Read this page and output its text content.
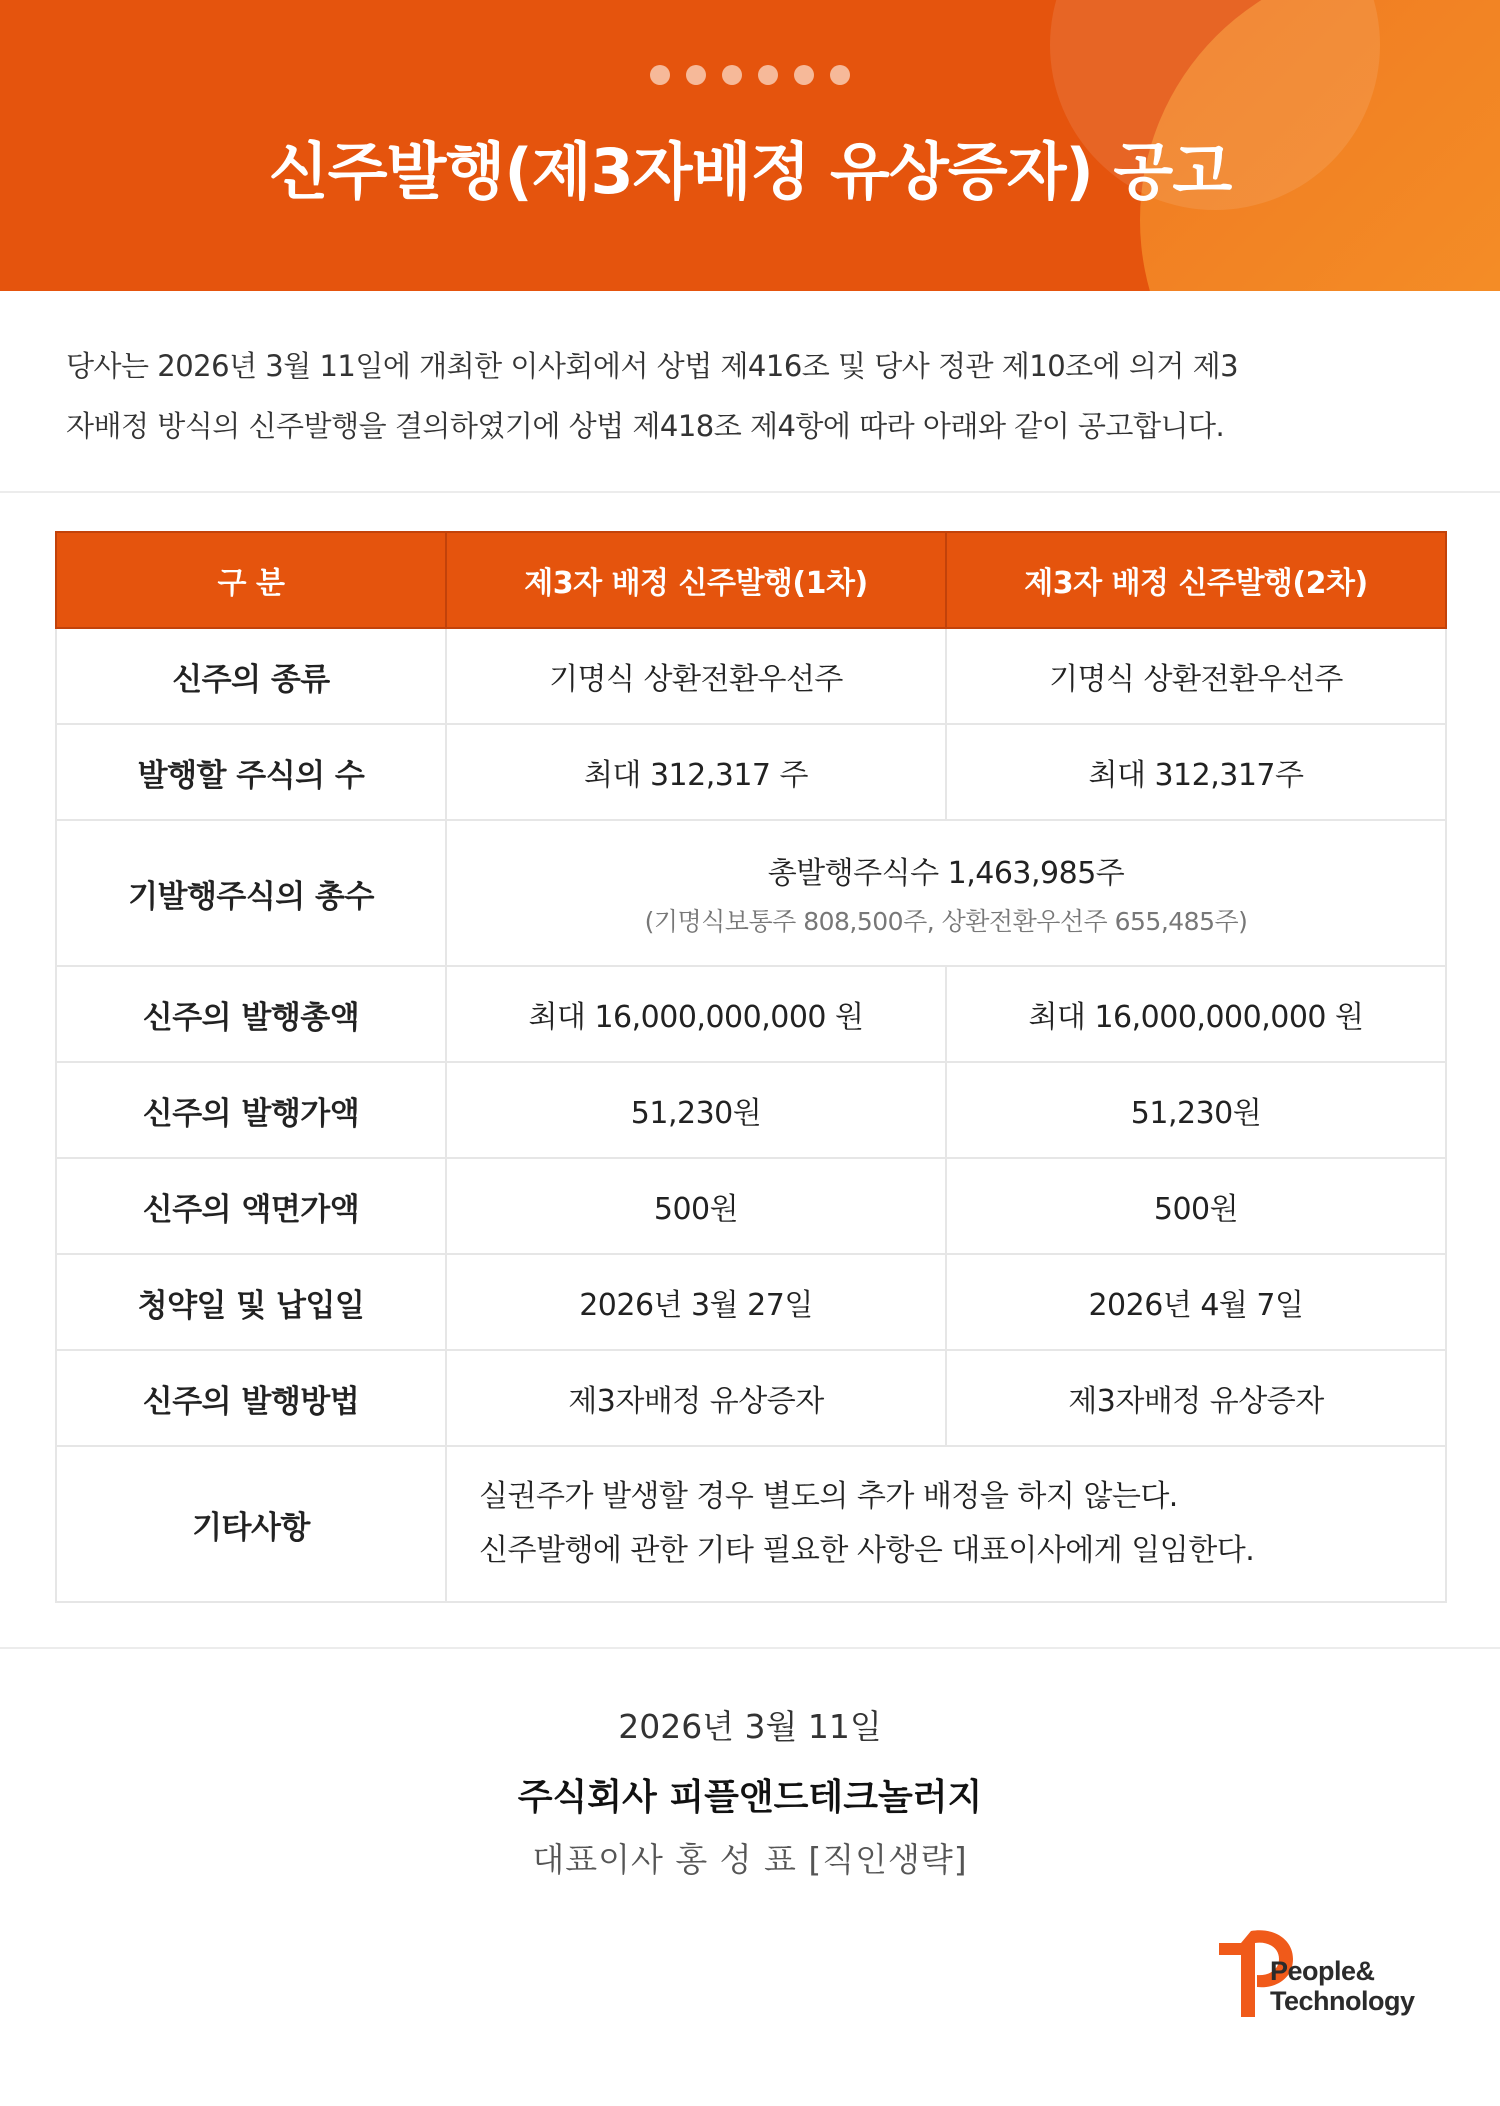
신주발행(제3자배정 유상증자) 공고
당사는 2026년 3월 11일에 개최한 이사회에서 상법 제416조 및 당사 정관 제10조에 의거 제3
자배정 방식의 신주발행을 결의하였기에 상법 제418조 제4항에 따라 아래와 같이 공고합니다.
구 분	제3자 배정 신주발행(1차)	제3자 배정 신주발행(2차)
신주의 종류	기명식 상환전환우선주	기명식 상환전환우선주
발행할 주식의 수	최대 312,317 주	최대 312,317주
기발행주식의 총수	총발행주식수 1,463,985주
(기명식보통주 808,500주, 상환전환우선주 655,485주)	

신주의 발행총액	최대 16,000,000,000 원	최대 16,000,000,000 원
신주의 발행가액	51,230원	51,230원
신주의 액면가액	500원	500원
청약일 및 납입일	2026년 3월 27일	2026년 4월 7일
신주의 발행방법	제3자배정 유상증자	제3자배정 유상증자
기타사항	실권주가 발생할 경우 별도의 추가 배정을 하지 않는다.
신주발행에 관한 기타 필요한 사항은 대표이사에게 일임한다.	
2026년 3월 11일
주식회사 피플앤드테크놀러지
대표이사 홍 성 표 [직인생략]
People&
Technology
